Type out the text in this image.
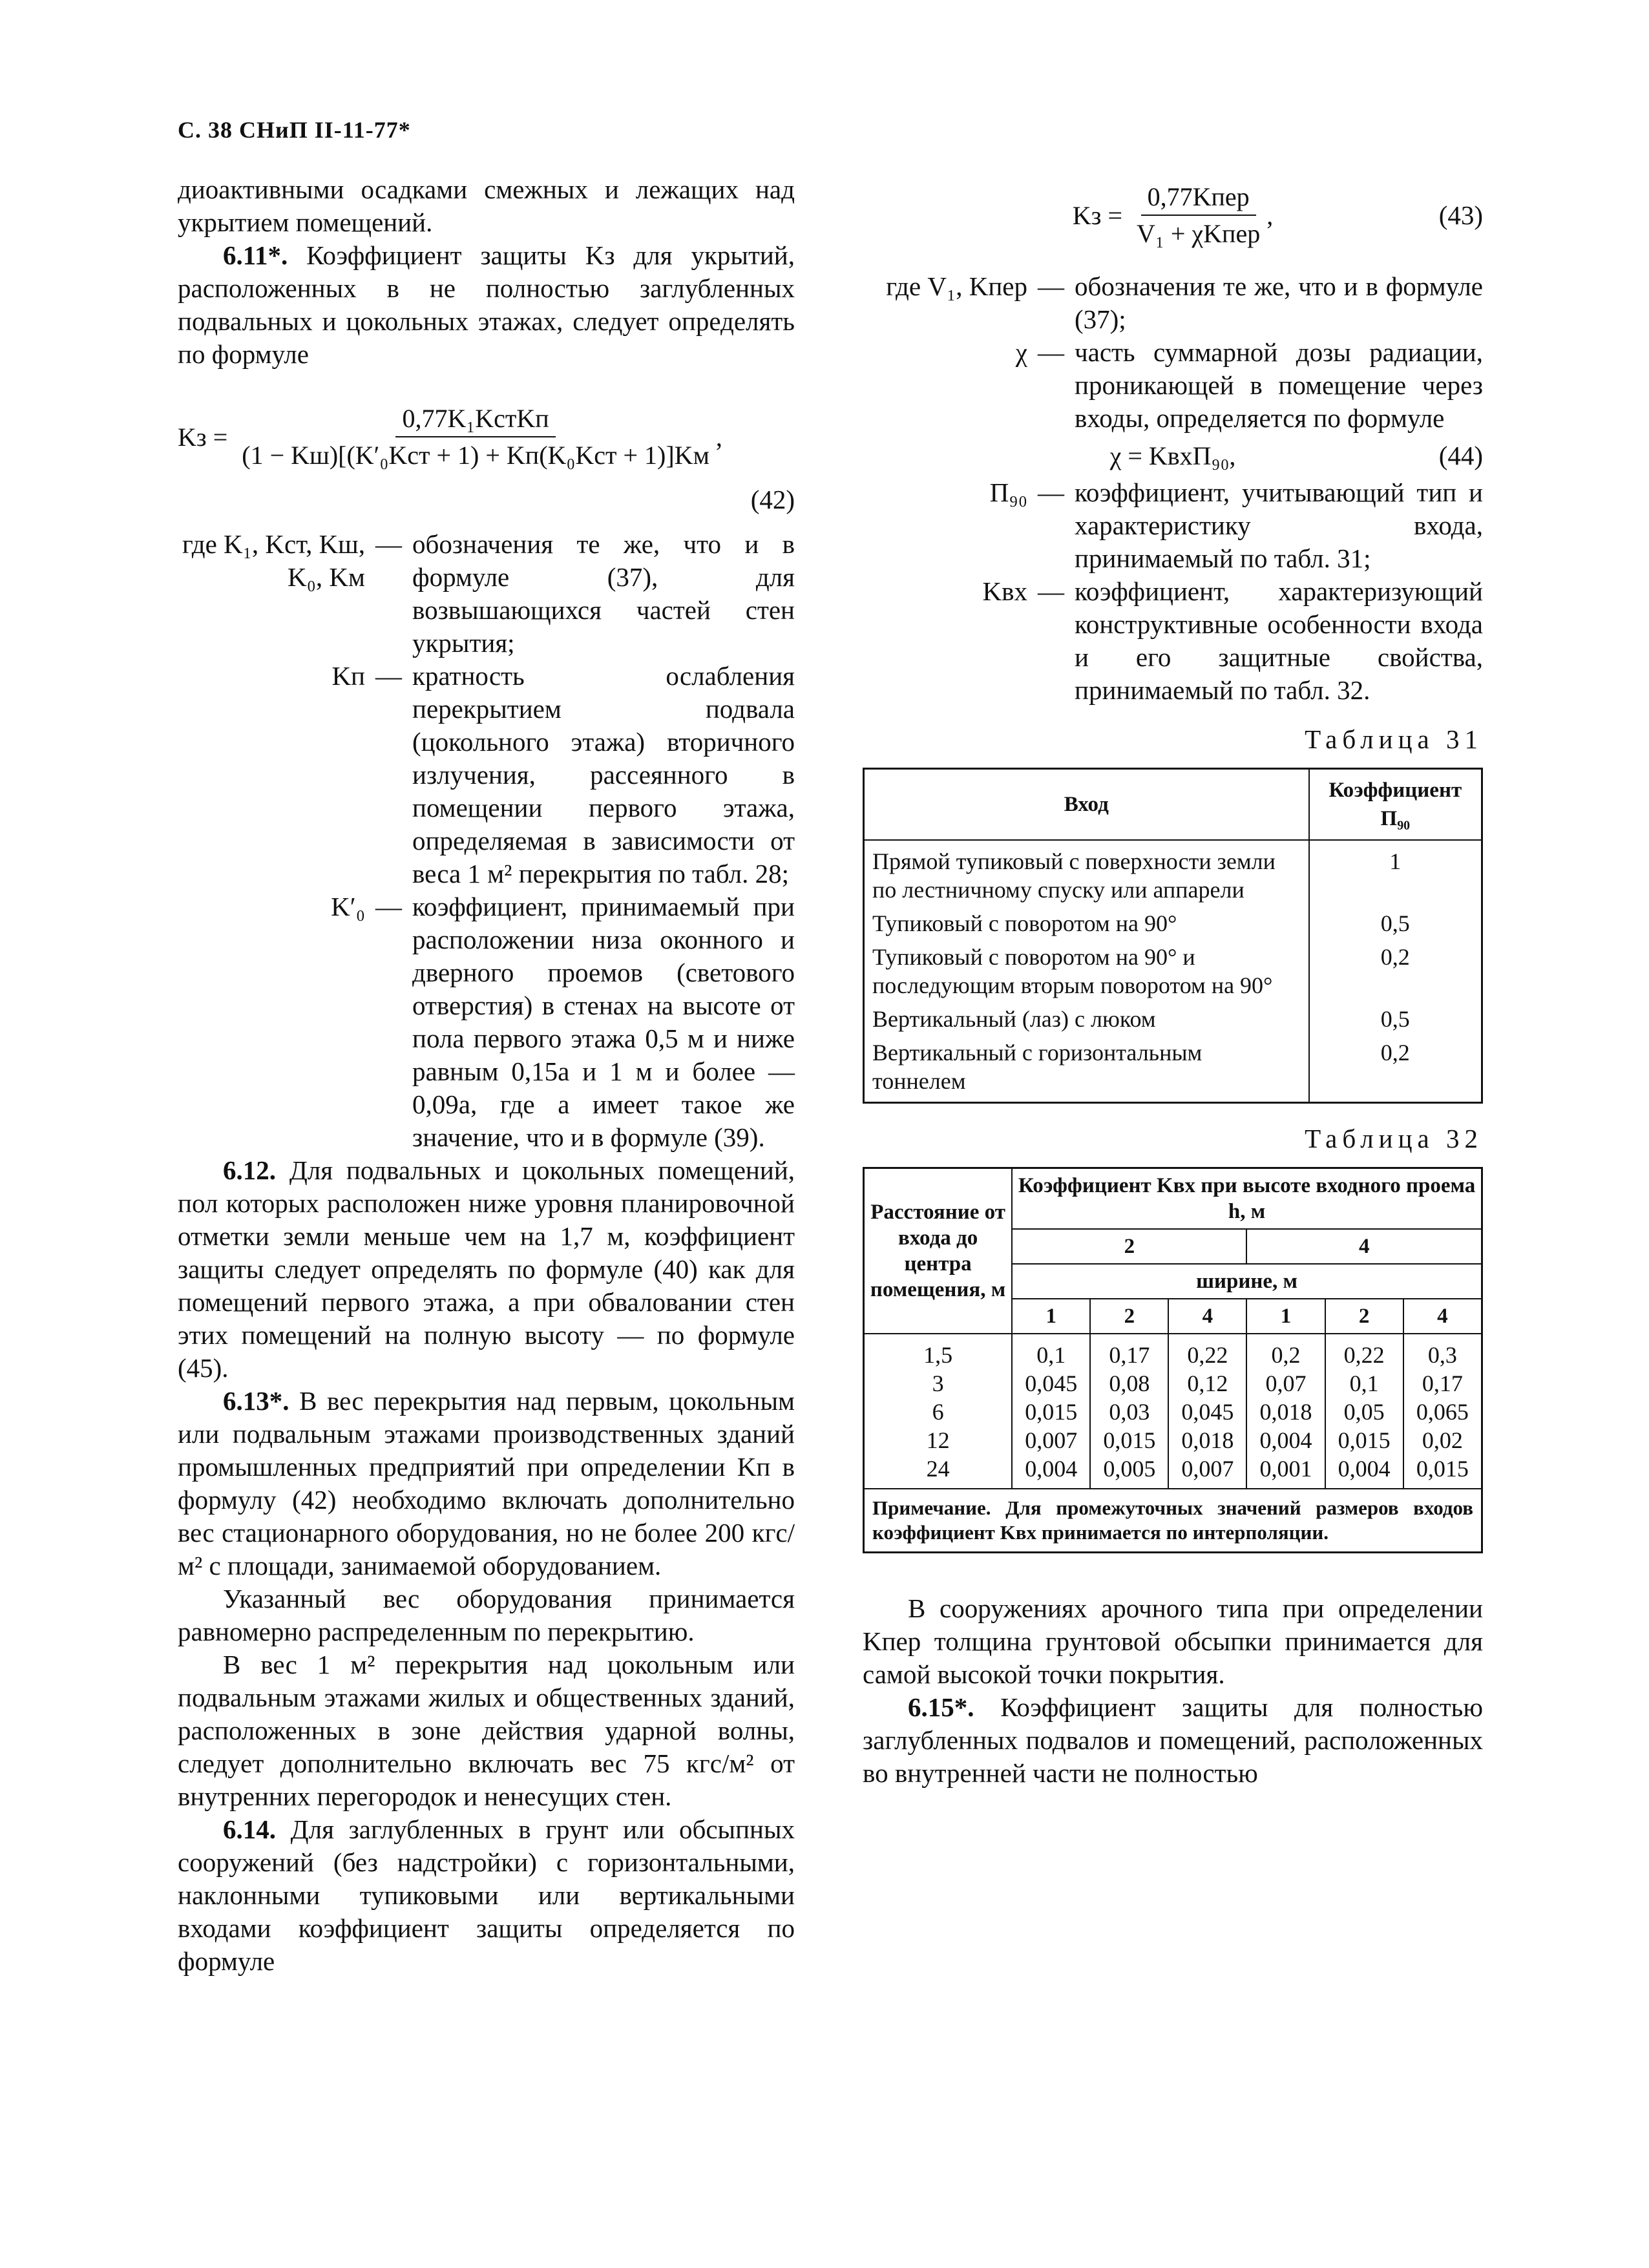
С. 38 СНиП II-11-77*

диоактивными осадками смежных и лежащих над укрытием помещений.

6.11*. Коэффициент защиты Kз для укрытий, расположенных в не полностью заглубленных подвальных и цокольных этажах, следует определять по формуле

Kз = $\frac{\text{0,77K₁KстKп}}{\text{(1 − Kш)[(K′₀Kст + 1) + Kп(K₀Kст + 1)]Kм}}$ ,
(42)
где K₁, Kст, Kш, K₀, Kм
— обозначения те же, что и в формуле (37), для возвышающихся частей стен укрытия;
Kп — кратность ослабления перекрытием подвала (цокольного этажа) вторичного излучения, рассеянного в помещении первого этажа, определяемая в зависимости от веса 1 м² перекрытия по табл. 28;
K′₀ — коэффициент, принимаемый при расположении низа оконного и дверного проемов (светового отверстия) в стенах на высоте от пола первого этажа 0,5 м и ниже равным 0,15a и 1 м и более — 0,09a, где a имеет такое же значение, что и в формуле (39).

6.12. Для подвальных и цокольных помещений, пол которых расположен ниже уровня планировочной отметки земли меньше чем на 1,7 м, коэффициент защиты следует определять по формуле (40) как для помещений первого этажа, а при обваловании стен этих помещений на полную высоту — по формуле (45).

6.13*. В вес перекрытия над первым, цокольным или подвальным этажами производственных зданий промышленных предприятий при определении Kп в формулу (42) необходимо включать дополнительно вес стационарного оборудования, но не более 200 кгс/м² с площади, занимаемой оборудованием.

Указанный вес оборудования принимается равномерно распределенным по перекрытию.

В вес 1 м² перекрытия над цокольным или подвальным этажами жилых и общественных зданий, расположенных в зоне действия ударной волны, следует дополнительно включать вес 75 кгс/м² от внутренних перегородок и ненесущих стен.

6.14. Для заглубленных в грунт или обсыпных сооружений (без надстройки) с горизонтальными, наклонными тупиковыми или вертикальными входами коэффициент защиты определяется по формуле

Kз = $\frac{\text{0,77Kпер}}{\text{V₁ + χKпер}}$ ,	(43)
где V₁, Kпер — обозначения те же, что и в формуле (37);
χ — часть суммарной дозы радиации, проникающей в помещение через входы, определяется по формуле
χ = KвхП₉₀,	(44)
П₉₀ — коэффициент, учитывающий тип и характеристику входа, принимаемый по табл. 31;
Kвх — коэффициент, характеризующий конструктивные особенности входа и его защитные свойства, принимаемый по табл. 32.
Таблица 31
Вход	Коэффициент П₉₀
Прямой тупиковый с поверхности земли по лестничному спуску или аппарели	1
Тупиковый с поворотом на 90°	0,5
Тупиковый с поворотом на 90° и последующим вторым поворотом на 90°	0,2
Вертикальный (лаз) с люком	0,5
Вертикальный с горизонтальным тоннелем	0,2
Таблица 32
Расстояние от входа до центра помещения, м	Коэффициент Kвх при высоте входного проема h, м					
	2			4		
	ширине, м					
	1	2	4	1	2	4
1,5	0,1	0,17	0,22	0,2	0,22	0,3
3	0,045	0,08	0,12	0,07	0,1	0,17
6	0,015	0,03	0,045	0,018	0,05	0,065
12	0,007	0,015	0,018	0,004	0,015	0,02
24	0,004	0,005	0,007	0,001	0,004	0,015
Примечание. Для промежуточных значений размеров входов коэффициент Kвх принимается по интерполяции.						

В сооружениях арочного типа при определении Kпер толщина грунтовой обсыпки принимается для самой высокой точки покрытия.

6.15*. Коэффициент защиты для полностью заглубленных подвалов и помещений, расположенных во внутренней части не полностью
